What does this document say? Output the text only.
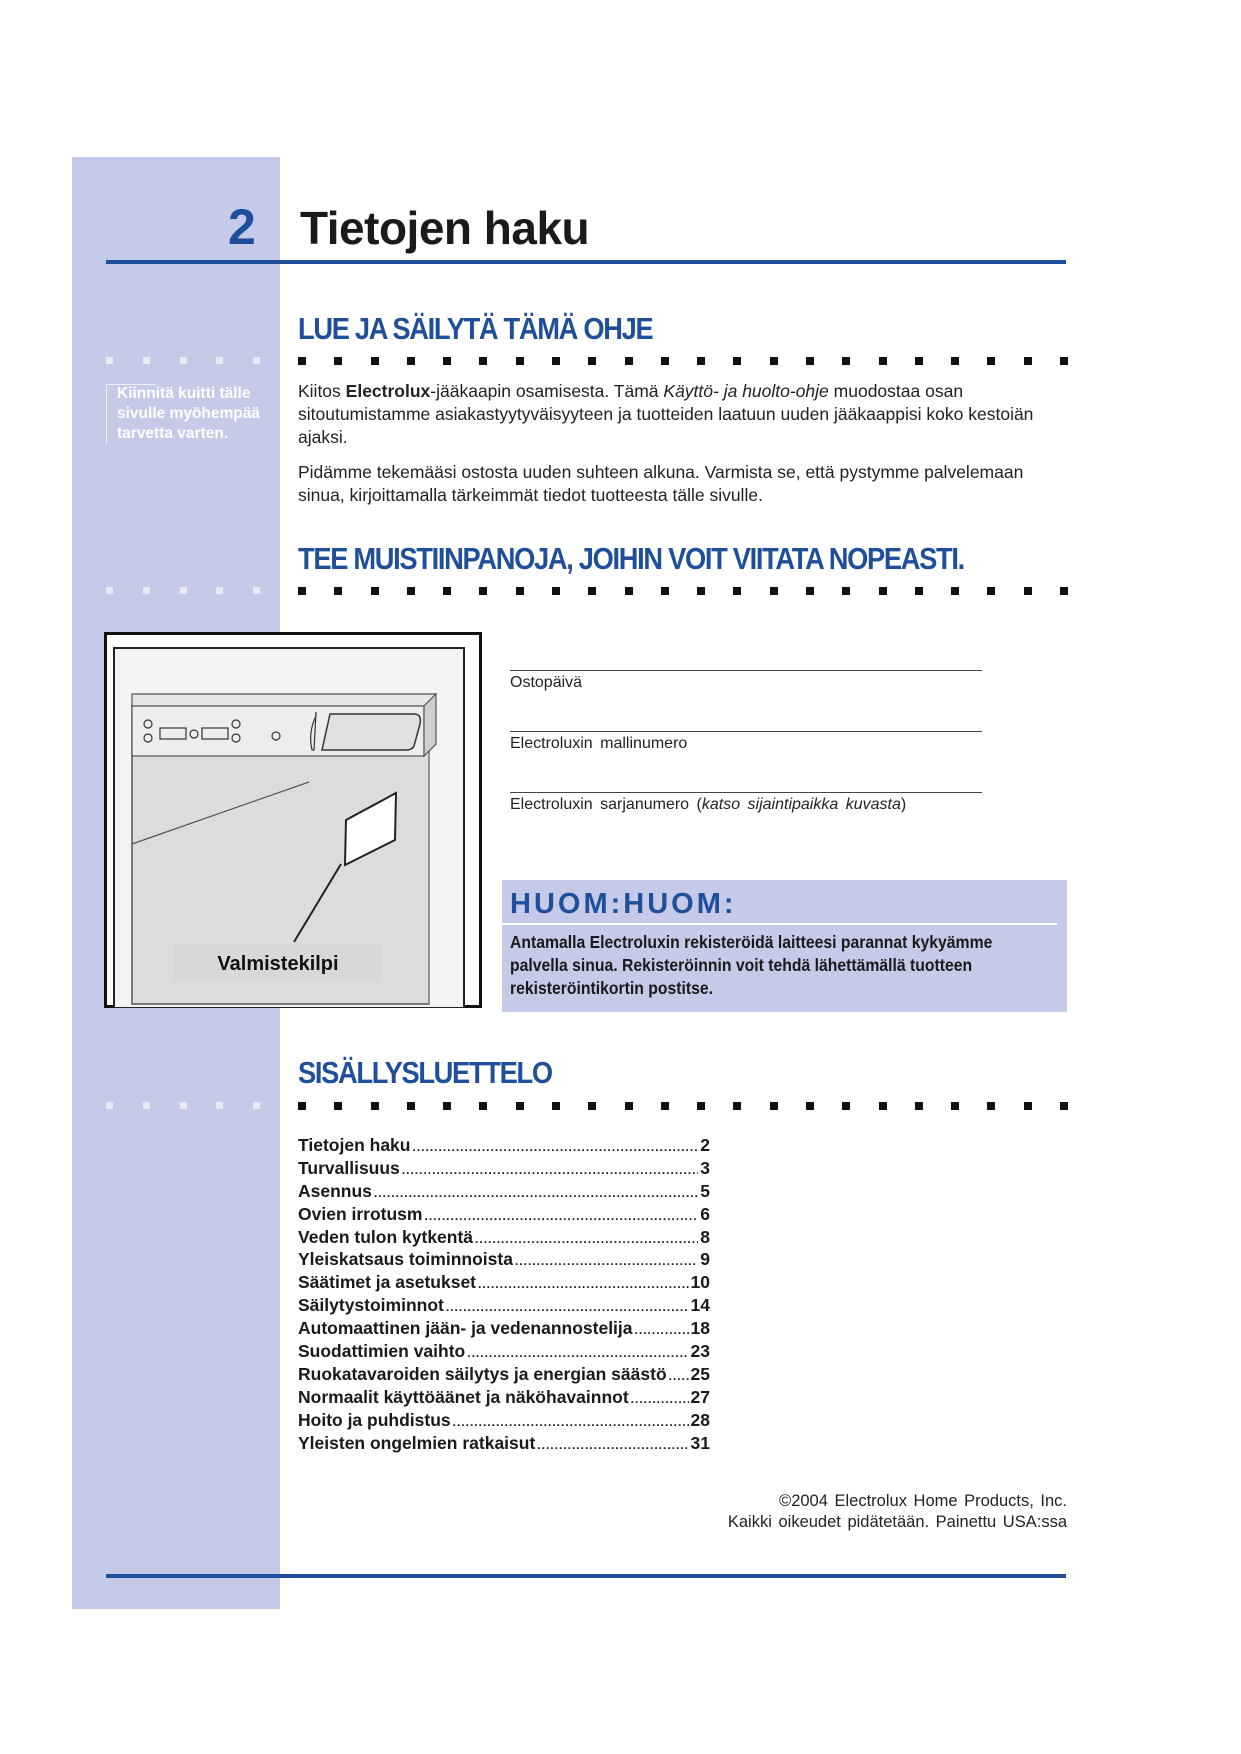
2 Tietojen haku
LUE JA SÄILYTÄ TÄMÄ OHJE
Kiinnitä kuitti tälle sivulle myöhempää tarvetta varten.
Kiitos Electrolux-jääkaapin osamisesta. Tämä Käyttö- ja huolto-ohje muodostaa osan sitoutumistamme asiakastyytyväisyyteen ja tuotteiden laatuun uuden jääkaappisi koko kestoiän ajaksi.
Pidämme tekemääsi ostosta uuden suhteen alkuna. Varmista se, että pystymme palvelemaan sinua, kirjoittamalla tärkeimmät tiedot tuotteesta tälle sivulle.
TEE MUISTIINPANOJA, JOIHIN VOIT VIITATA NOPEASTI.
Valmistekilpi
Ostopäivä
Electroluxin mallinumero
Electroluxin sarjanumero (katso sijaintipaikka kuvasta)
HUOM:HUOM:
Antamalla Electroluxin rekisteröidä laitteesi parannat kykyämme palvella sinua. Rekisteröinnin voit tehdä lähettämällä tuotteen rekisteröintikortin postitse.
SISÄLLYSLUETTELO
Tietojen haku .....	2
Turvallisuus .....	3
Asennus .....	5
Ovien irrotusm .....	6
Veden tulon kytkentä .....	8
Yleiskatsaus toiminnoista .....	9
Säätimet ja asetukset .....	10
Säilytystoiminnot .....	14
Automaattinen jään- ja vedenannostelija .....	18
Suodattimien vaihto .....	23
Ruokatavaroiden säilytys ja energian säästö ..... 25
Normaalit käyttöäänet ja näköhavainnot .....	27
Hoito ja puhdistus .....	28
Yleisten ongelmien ratkaisut .....	31
©2004 Electrolux Home Products, Inc.
Kaikki oikeudet pidätetään. Painettu USA:ssa
